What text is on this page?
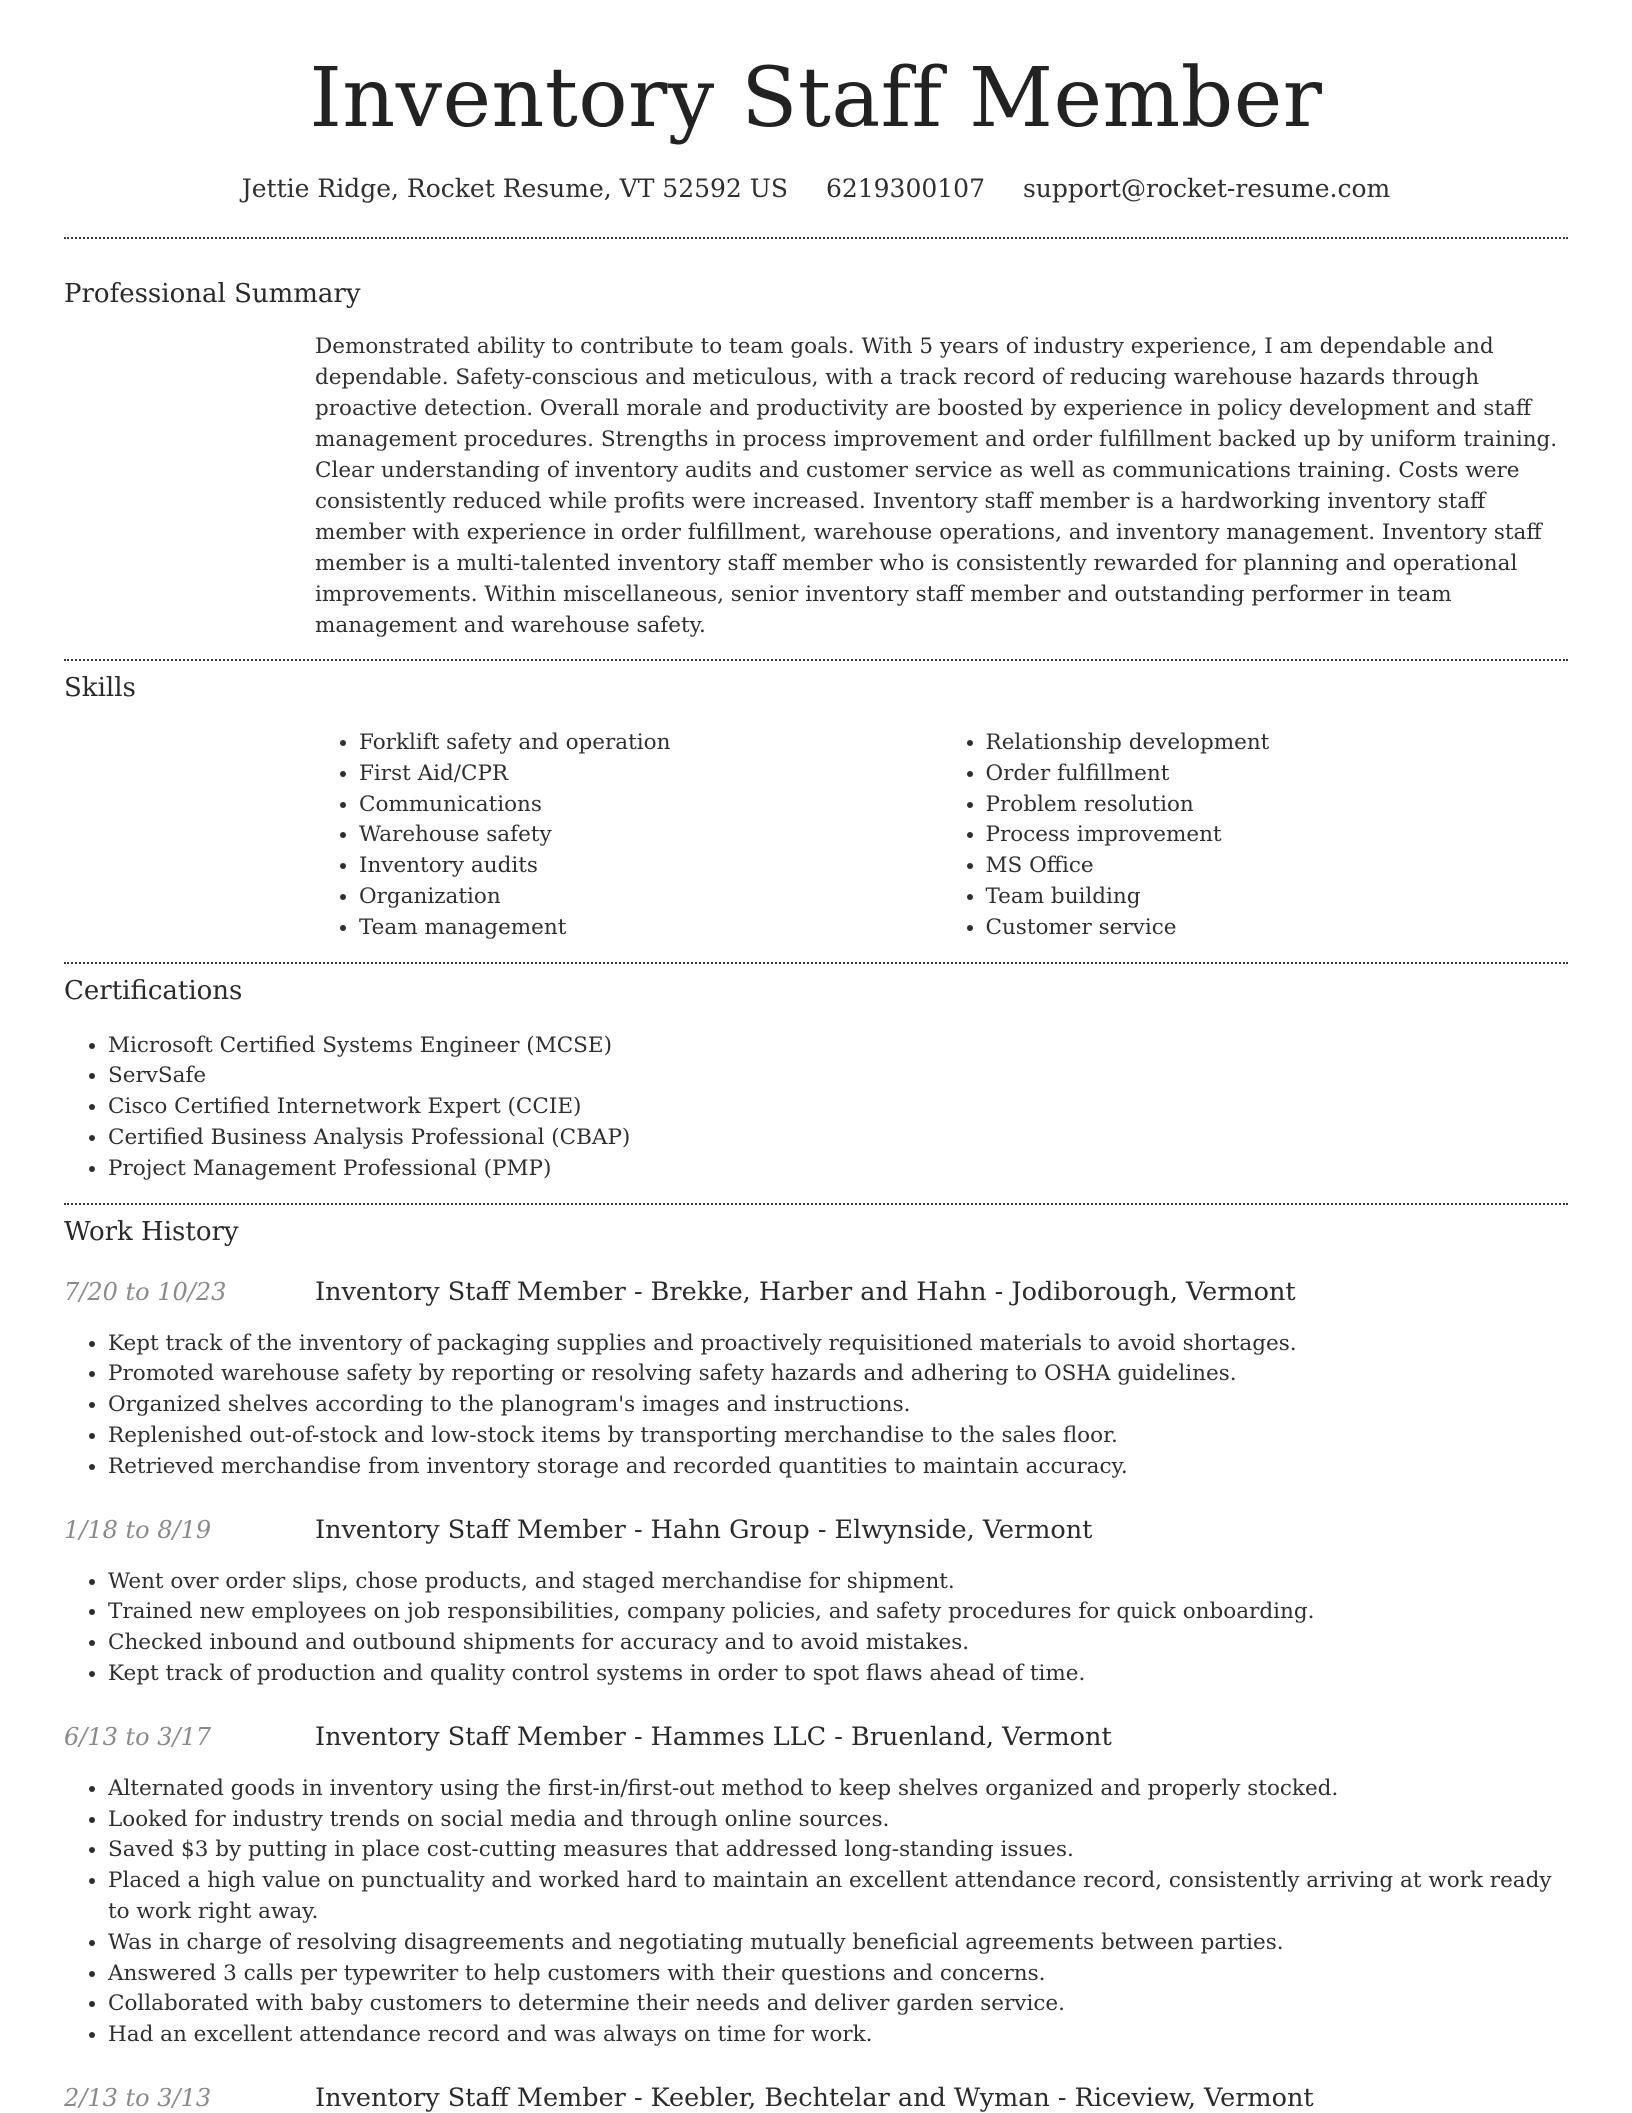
Inventory Staff Member
Jettie Ridge, Rocket Resume, VT 52592 US 6219300107 support@rocket-resume.com
Professional Summary

Demonstrated ability to contribute to team goals. With 5 years of industry experience, I am dependable and dependable. Safety-conscious and meticulous, with a track record of reducing warehouse hazards through proactive detection. Overall morale and productivity are boosted by experience in policy development and staff management procedures. Strengths in process improvement and order fulfillment backed up by uniform training. Clear understanding of inventory audits and customer service as well as communications training. Costs were consistently reduced while profits were increased. Inventory staff member is a hardworking inventory staff member with experience in order fulfillment, warehouse operations, and inventory management. Inventory staff member is a multi-talented inventory staff member who is consistently rewarded for planning and operational improvements. Within miscellaneous, senior inventory staff member and outstanding performer in team management and warehouse safety.

Skills
• Forklift safety and operation
• First Aid/CPR
• Communications
• Warehouse safety
• Inventory audits
• Organization
• Team management
• Relationship development
• Order fulfillment
• Problem resolution
• Process improvement
• MS Office
• Team building
• Customer service
Certifications
• Microsoft Certified Systems Engineer (MCSE)
• ServSafe
• Cisco Certified Internetwork Expert (CCIE)
• Certified Business Analysis Professional (CBAP)
• Project Management Professional (PMP)
Work History
7/20 to 10/23	Inventory Staff Member - Brekke, Harber and Hahn - Jodiborough, Vermont
• Kept track of the inventory of packaging supplies and proactively requisitioned materials to avoid shortages.
• Promoted warehouse safety by reporting or resolving safety hazards and adhering to OSHA guidelines.
• Organized shelves according to the planogram's images and instructions.
• Replenished out-of-stock and low-stock items by transporting merchandise to the sales floor.
• Retrieved merchandise from inventory storage and recorded quantities to maintain accuracy.
1/18 to 8/19	Inventory Staff Member - Hahn Group - Elwynside, Vermont
• Went over order slips, chose products, and staged merchandise for shipment.
• Trained new employees on job responsibilities, company policies, and safety procedures for quick onboarding.
• Checked inbound and outbound shipments for accuracy and to avoid mistakes.
• Kept track of production and quality control systems in order to spot flaws ahead of time.
6/13 to 3/17	Inventory Staff Member - Hammes LLC - Bruenland, Vermont
• Alternated goods in inventory using the first-in/first-out method to keep shelves organized and properly stocked.
• Looked for industry trends on social media and through online sources.
• Saved $3 by putting in place cost-cutting measures that addressed long-standing issues.
• Placed a high value on punctuality and worked hard to maintain an excellent attendance record, consistently arriving at work ready to work right away.
• Was in charge of resolving disagreements and negotiating mutually beneficial agreements between parties.
• Answered 3 calls per typewriter to help customers with their questions and concerns.
• Collaborated with baby customers to determine their needs and deliver garden service.
• Had an excellent attendance record and was always on time for work.
2/13 to 3/13	Inventory Staff Member - Keebler, Bechtelar and Wyman - Riceview, Vermont
